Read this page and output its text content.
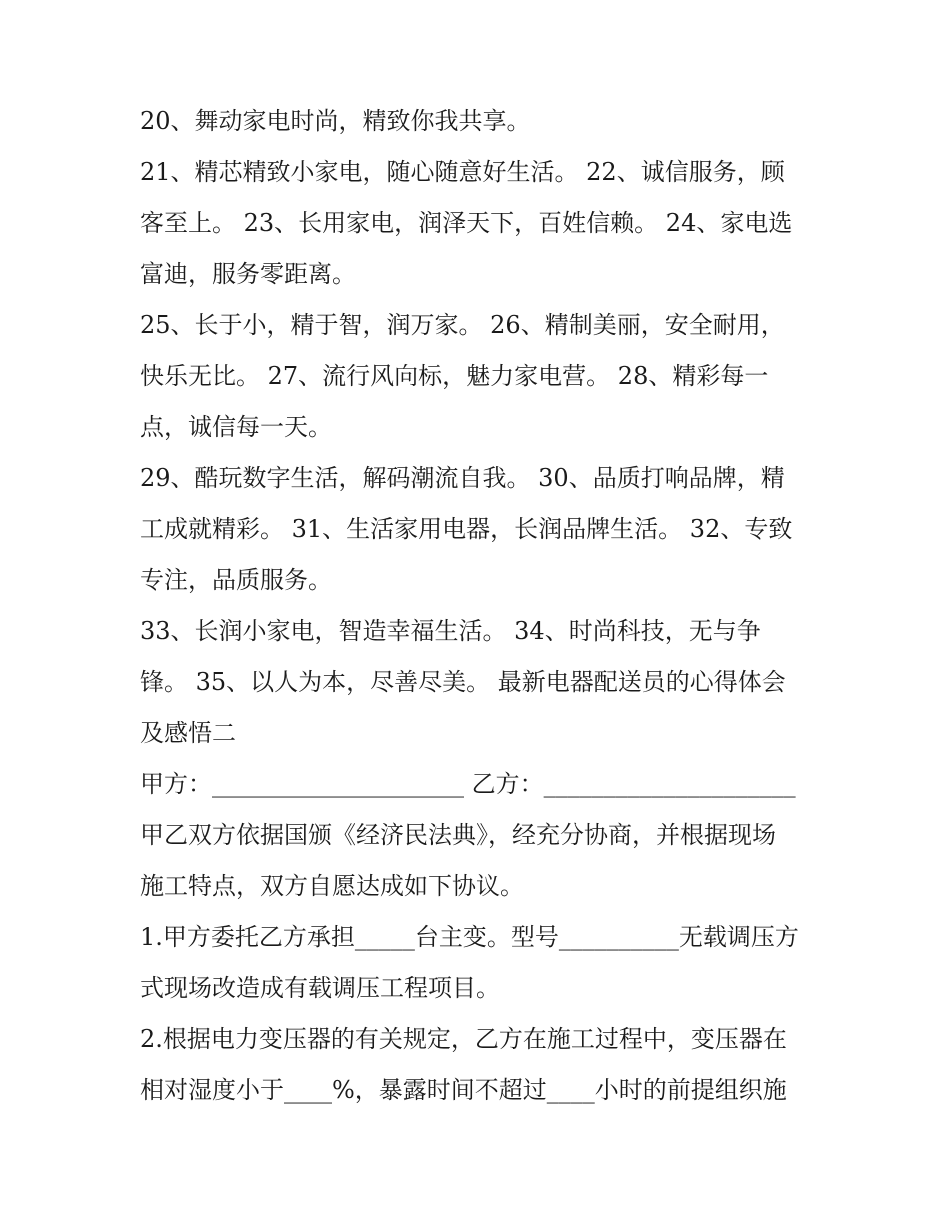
20、舞动家电时尚，精致你我共享。
21、精芯精致小家电，随心随意好生活。 22、诚信服务，顾
客至上。 23、长用家电，润泽天下，百姓信赖。 24、家电选
富迪，服务零距离。
25、长于小，精于智，润万家。 26、精制美丽，安全耐用，
快乐无比。 27、流行风向标，魅力家电营。 28、精彩每一
点，诚信每一天。
29、酷玩数字生活，解码潮流自我。 30、品质打响品牌，精
工成就精彩。 31、生活家用电器，长润品牌生活。 32、专致
专注，品质服务。
33、长润小家电，智造幸福生活。 34、时尚科技，无与争
锋。 35、以人为本，尽善尽美。 最新电器配送员的心得体会
及感悟二
甲方：_____________________ 乙方：_____________________
甲乙双方依据国颁《经济民法典》，经充分协商，并根据现场
施工特点，双方自愿达成如下协议。
1.甲方委托乙方承担_____台主变。型号__________无载调压方
式现场改造成有载调压工程项目。
2.根据电力变压器的有关规定，乙方在施工过程中，变压器在
相对湿度小于____%，暴露时间不超过____小时的前提组织施
